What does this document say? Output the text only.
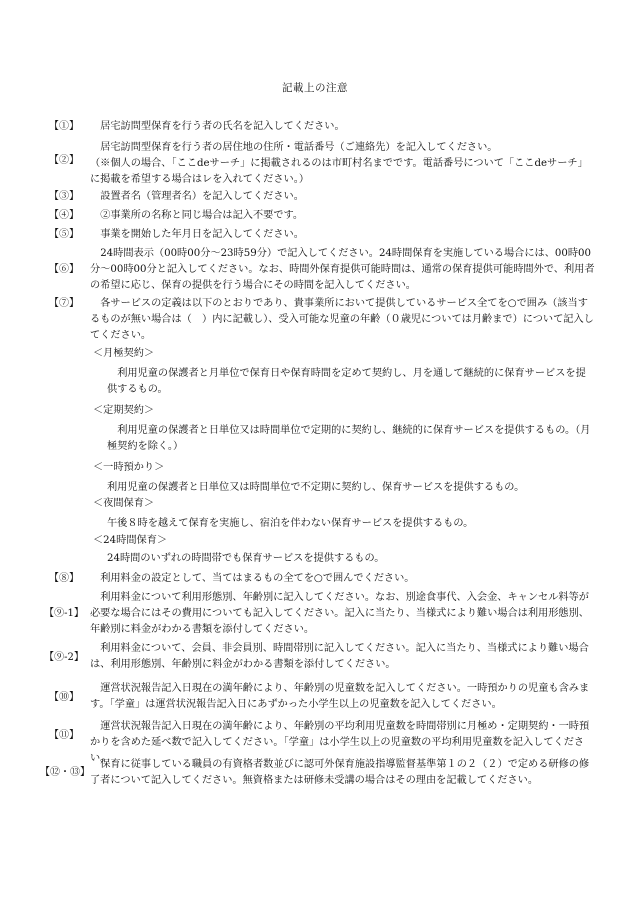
記載上の注意
【①】	居宅訪問型保育を行う者の氏名を記入してください。

【②】

居宅訪問型保育を行う者の居住地の住所・電話番号（ご連絡先）を記入してください。

（※個人の場合、「ここdeサーチ」に掲載されるのは市町村名までです。電話番号について「ここdeサーチ」に掲載を希望する場合はレを入れてください。）

【③】	設置者名（管理者名）を記入してください。

【④】	②事業所の名称と同じ場合は記入不要です。

【⑤】	事業を開始した年月日を記入してください。

【⑥】

24時間表示（00時00分～23時59分）で記入してください。24時間保育を実施している場合には、00時00分～00時00分と記入してください。なお、時間外保育提供可能時間は、通常の保育提供可能時間外で、利用者の希望に応じ、保育の提供を行う場合にその時間を記入してください。

【⑦】	各サービスの定義は以下のとおりであり、貴事業所において提供しているサービス全てを○で囲み（該当するものが無い場合は（　）内に記載し）、受入可能な児童の年齢（０歳児については月齢まで）について記入してください。

＜月極契約＞

利用児童の保護者と月単位で保育日や保育時間を定めて契約し、月を通して継続的に保育サービスを提供するもの。

＜定期契約＞

利用児童の保護者と日単位又は時間単位で定期的に契約し、継続的に保育サービスを提供するもの。（月極契約を除く。）

＜一時預かり＞

利用児童の保護者と日単位又は時間単位で不定期に契約し、保育サービスを提供するもの。

＜夜間保育＞

午後８時を越えて保育を実施し、宿泊を伴わない保育サービスを提供するもの。

＜24時間保育＞

24時間のいずれの時間帯でも保育サービスを提供するもの。

【⑧】	利用料金の設定として、当てはまるもの全てを○で囲んでください。

【⑨-1】

利用料金について利用形態別、年齢別に記入してください。なお、別途食事代、入会金、キャンセル料等が必要な場合にはその費用についても記入してください。記入に当たり、当様式により難い場合は利用形態別、年齢別に料金がわかる書類を添付してください。

【⑨-2】

利用料金について、会員、非会員別、時間帯別に記入してください。記入に当たり、当様式により難い場合は、利用形態別、年齢別に料金がわかる書類を添付してください。

【⑩】

運営状況報告記入日現在の満年齢により、年齢別の児童数を記入してください。一時預かりの児童も含みます。「学童」は運営状況報告記入日にあずかった小学生以上の児童数を記入してください。

【⑪】

運営状況報告記入日現在の満年齢により、年齢別の平均利用児童数を時間帯別に月極め・定期契約・一時預かりを含めた延べ数で記入してください。「学童」は小学生以上の児童数の平均利用児童数を記入してください。

【⑫・⑬】

保育に従事している職員の有資格者数並びに認可外保育施設指導監督基準第１の２（２）で定める研修の修了者について記入してください。無資格または研修未受講の場合はその理由を記載してください。
